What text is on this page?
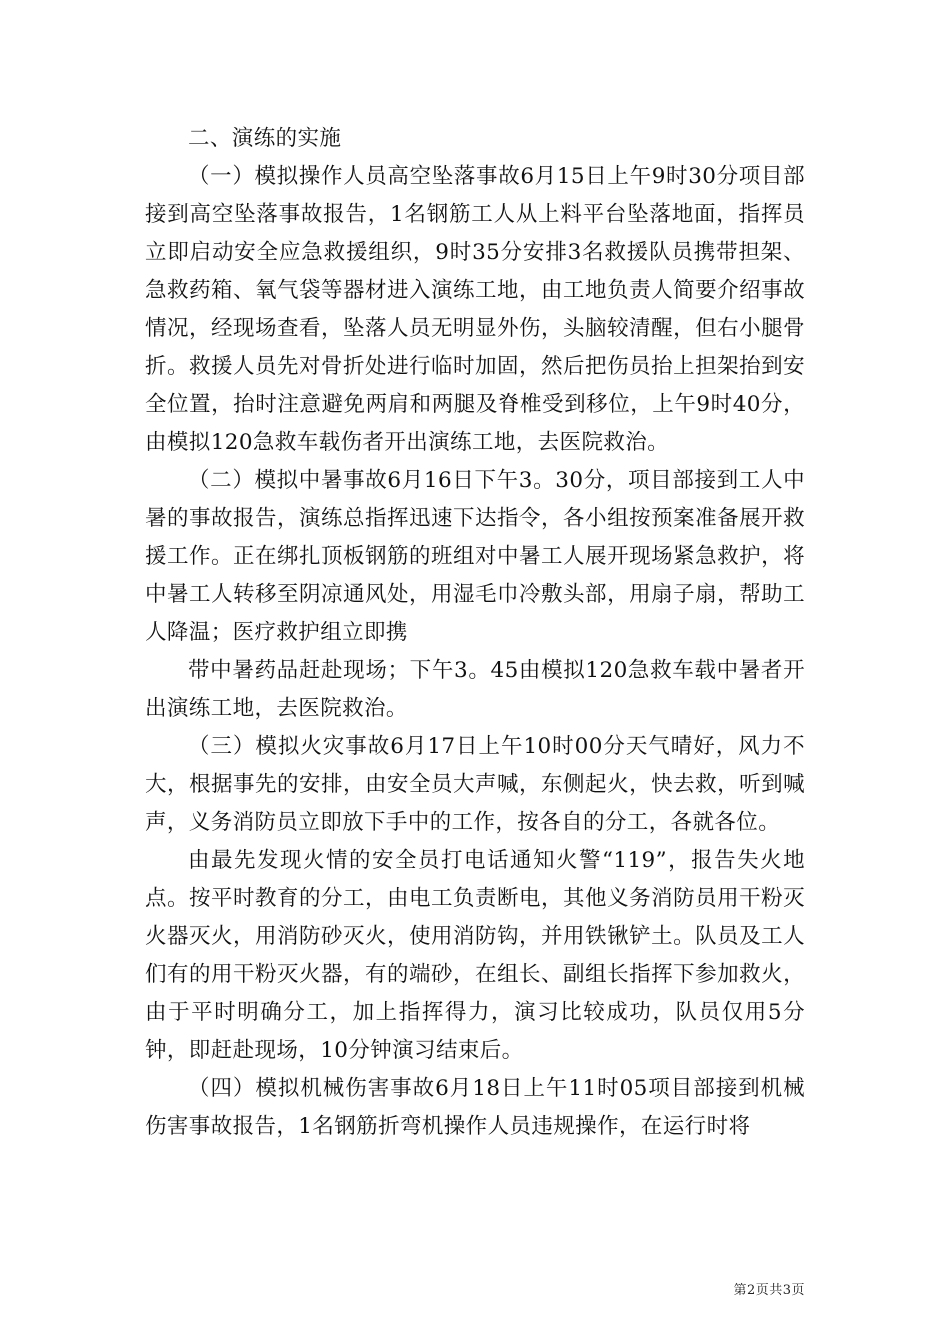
二、演练的实施

（一）模拟操作人员高空坠落事故6月15日上午9时30分项目部接到高空坠落事故报告，1名钢筋工人从上料平台坠落地面，指挥员立即启动安全应急救援组织，9时35分安排3名救援队员携带担架、急救药箱、氧气袋等器材进入演练工地，由工地负责人简要介绍事故情况，经现场查看，坠落人员无明显外伤，头脑较清醒，但右小腿骨折。救援人员先对骨折处进行临时加固，然后把伤员抬上担架抬到安全位置，抬时注意避免两肩和两腿及脊椎受到移位，上午9时40分，由模拟120急救车载伤者开出演练工地，去医院救治。

（二）模拟中暑事故6月16日下午3。30分，项目部接到工人中暑的事故报告，演练总指挥迅速下达指令，各小组按预案准备展开救援工作。正在绑扎顶板钢筋的班组对中暑工人展开现场紧急救护，将中暑工人转移至阴凉通风处，用湿毛巾冷敷头部，用扇子扇，帮助工人降温；医疗救护组立即携

带中暑药品赶赴现场；下午3。45由模拟120急救车载中暑者开出演练工地，去医院救治。

（三）模拟火灾事故6月17日上午10时00分天气晴好，风力不大，根据事先的安排，由安全员大声喊，东侧起火，快去救，听到喊声，义务消防员立即放下手中的工作，按各自的分工，各就各位。

由最先发现火情的安全员打电话通知火警“119”，报告失火地点。按平时教育的分工，由电工负责断电，其他义务消防员用干粉灭火器灭火，用消防砂灭火，使用消防钩，并用铁锹铲土。队员及工人们有的用干粉灭火器，有的端砂，在组长、副组长指挥下参加救火，由于平时明确分工，加上指挥得力，演习比较成功，队员仅用5分钟，即赶赴现场，10分钟演习结束后。

（四）模拟机械伤害事故6月18日上午11时05项目部接到机械伤害事故报告，1名钢筋折弯机操作人员违规操作，在运行时将

第2页共3页
